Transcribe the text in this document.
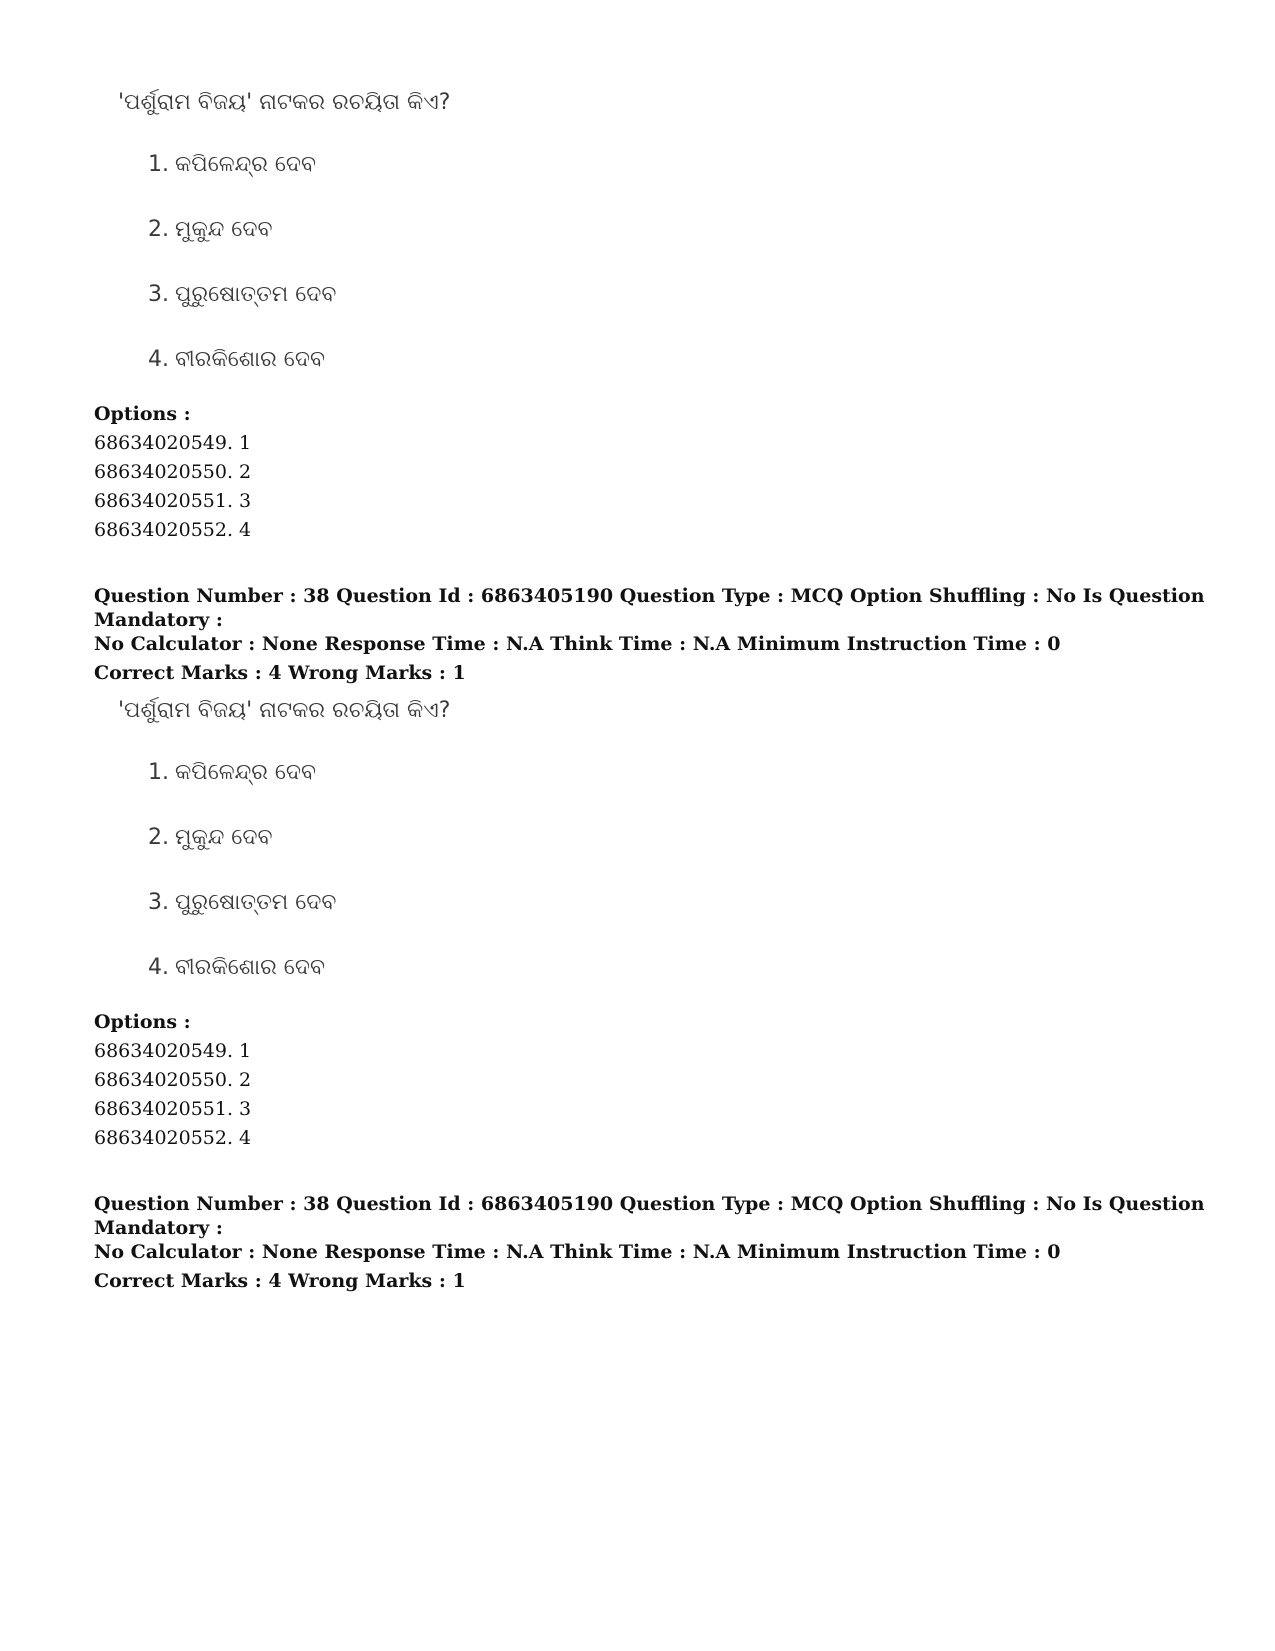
'ପର୍ଶୁରାମ ବିଜୟ' ନାଟକର ରଚୟିତା କିଏ?
1. କପିଳେନ୍ଦ୍ର ଦେବ
2. ମୁକୁନ୍ଦ ଦେବ
3. ପୁରୁଷୋତ୍ତମ ଦେବ
4. ବୀରକିଶୋର ଦେବ
Options :
68634020549. 1
68634020550. 2
68634020551. 3
68634020552. 4
Question Number : 38 Question Id : 6863405190 Question Type : MCQ Option Shuffling : No Is Question Mandatory :
No Calculator : None Response Time : N.A Think Time : N.A Minimum Instruction Time : 0
Correct Marks : 4 Wrong Marks : 1
'ପର୍ଶୁରାମ ବିଜୟ' ନାଟକର ରଚୟିତା କିଏ?
1. କପିଳେନ୍ଦ୍ର ଦେବ
2. ମୁକୁନ୍ଦ ଦେବ
3. ପୁରୁଷୋତ୍ତମ ଦେବ
4. ବୀରକିଶୋର ଦେବ
Options :
68634020549. 1
68634020550. 2
68634020551. 3
68634020552. 4
Question Number : 38 Question Id : 6863405190 Question Type : MCQ Option Shuffling : No Is Question Mandatory :
No Calculator : None Response Time : N.A Think Time : N.A Minimum Instruction Time : 0
Correct Marks : 4 Wrong Marks : 1
